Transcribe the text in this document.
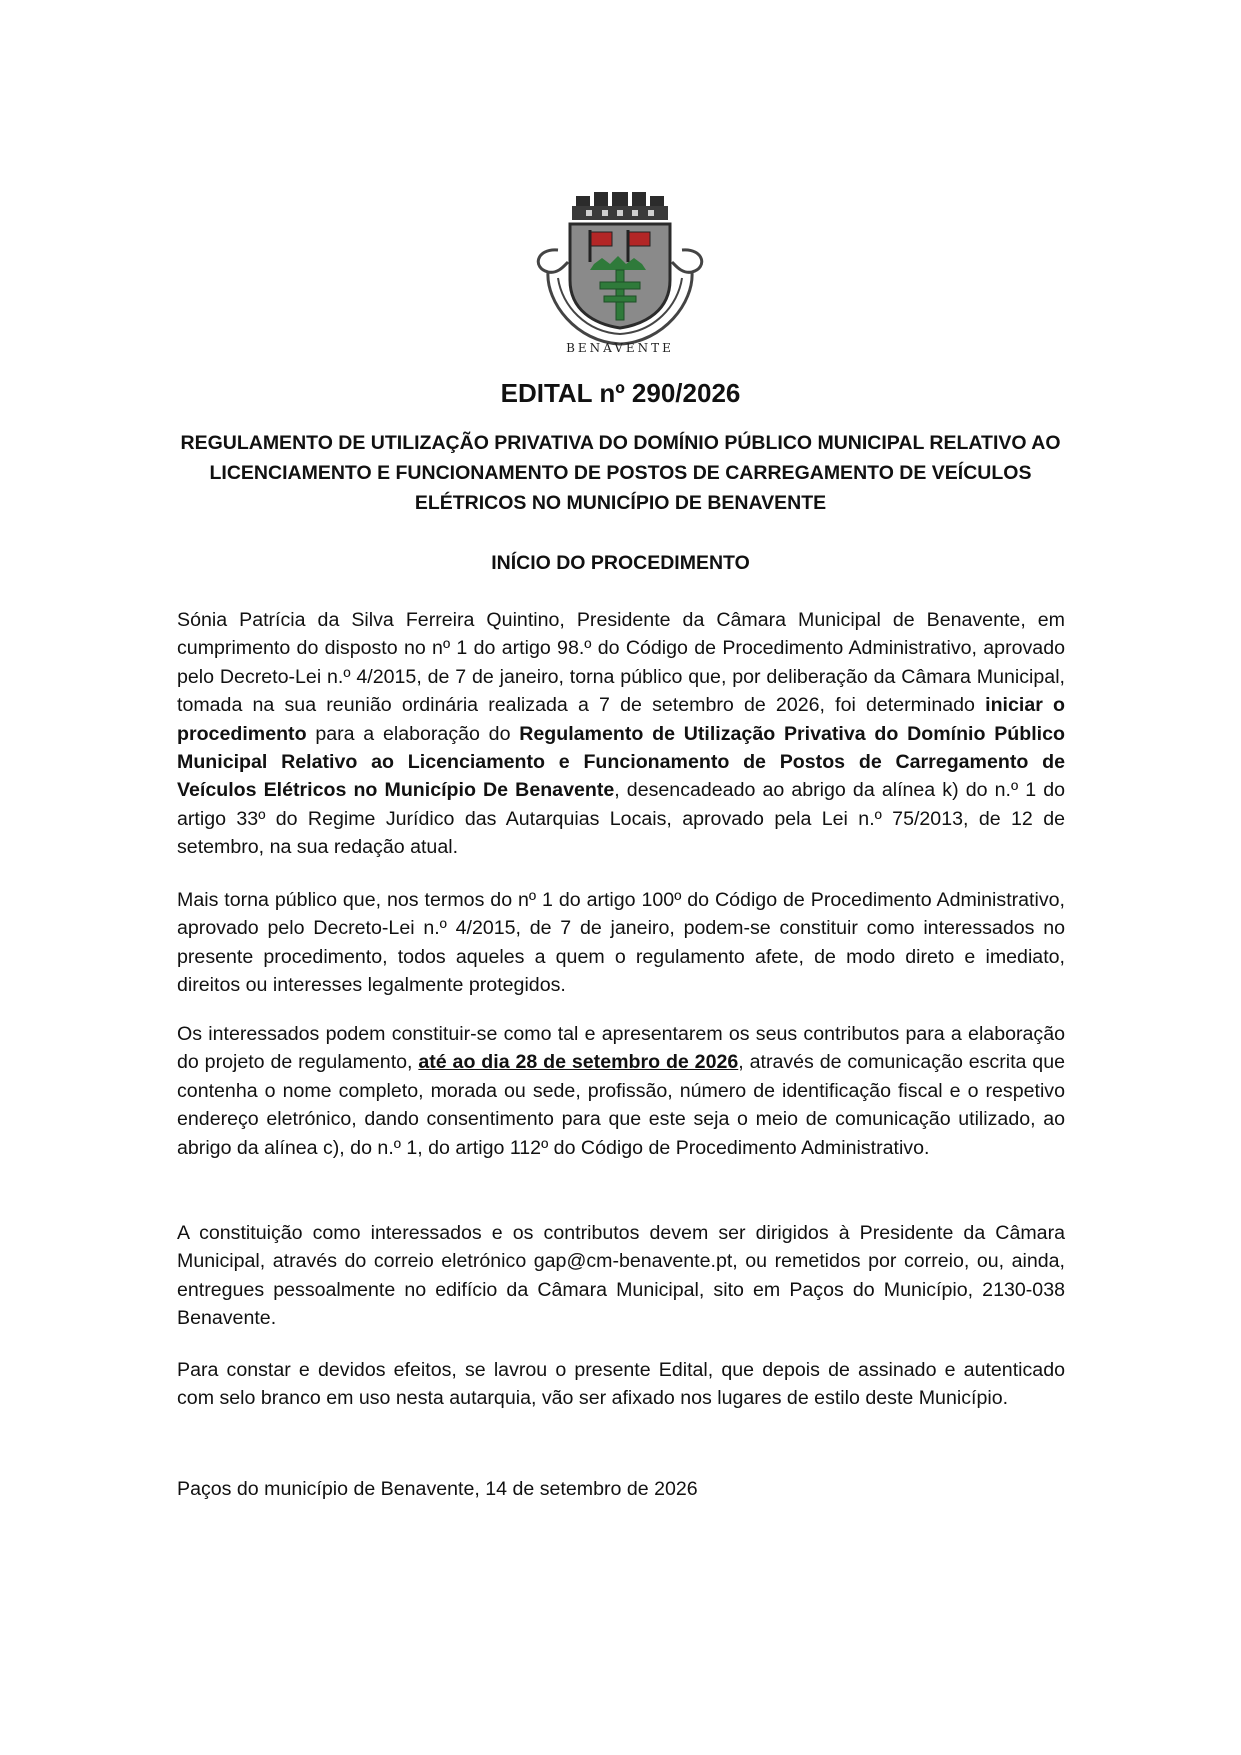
BENAVENTE
EDITAL nº 290/2026

REGULAMENTO DE UTILIZAÇÃO PRIVATIVA DO DOMÍNIO PÚBLICO MUNICIPAL RELATIVO AO LICENCIAMENTO E FUNCIONAMENTO DE POSTOS DE CARREGAMENTO DE VEÍCULOS ELÉTRICOS NO MUNICÍPIO DE BENAVENTE

INÍCIO DO PROCEDIMENTO

Sónia Patrícia da Silva Ferreira Quintino, Presidente da Câmara Municipal de Benavente, em cumprimento do disposto no nº 1 do artigo 98.º do Código de Procedimento Administrativo, aprovado pelo Decreto-Lei n.º 4/2015, de 7 de janeiro, torna público que, por deliberação da Câmara Municipal, tomada na sua reunião ordinária realizada a 7 de setembro de 2026, foi determinado iniciar o procedimento para a elaboração do Regulamento de Utilização Privativa do Domínio Público Municipal Relativo ao Licenciamento e Funcionamento de Postos de Carregamento de Veículos Elétricos no Município De Benavente, desencadeado ao abrigo da alínea k) do n.º 1 do artigo 33º do Regime Jurídico das Autarquias Locais, aprovado pela Lei n.º 75/2013, de 12 de setembro, na sua redação atual.

Mais torna público que, nos termos do nº 1 do artigo 100º do Código de Procedimento Administrativo, aprovado pelo Decreto-Lei n.º 4/2015, de 7 de janeiro, podem-se constituir como interessados no presente procedimento, todos aqueles a quem o regulamento afete, de modo direto e imediato, direitos ou interesses legalmente protegidos.

Os interessados podem constituir-se como tal e apresentarem os seus contributos para a elaboração do projeto de regulamento, até ao dia 28 de setembro de 2026, através de comunicação escrita que contenha o nome completo, morada ou sede, profissão, número de identificação fiscal e o respetivo endereço eletrónico, dando consentimento para que este seja o meio de comunicação utilizado, ao abrigo da alínea c), do n.º 1, do artigo 112º do Código de Procedimento Administrativo.

A constituição como interessados e os contributos devem ser dirigidos à Presidente da Câmara Municipal, através do correio eletrónico gap@cm-benavente.pt, ou remetidos por correio, ou, ainda, entregues pessoalmente no edifício da Câmara Municipal, sito em Paços do Município, 2130-038 Benavente.

Para constar e devidos efeitos, se lavrou o presente Edital, que depois de assinado e autenticado com selo branco em uso nesta autarquia, vão ser afixado nos lugares de estilo deste Município.

Paços do município de Benavente, 14 de setembro de 2026
